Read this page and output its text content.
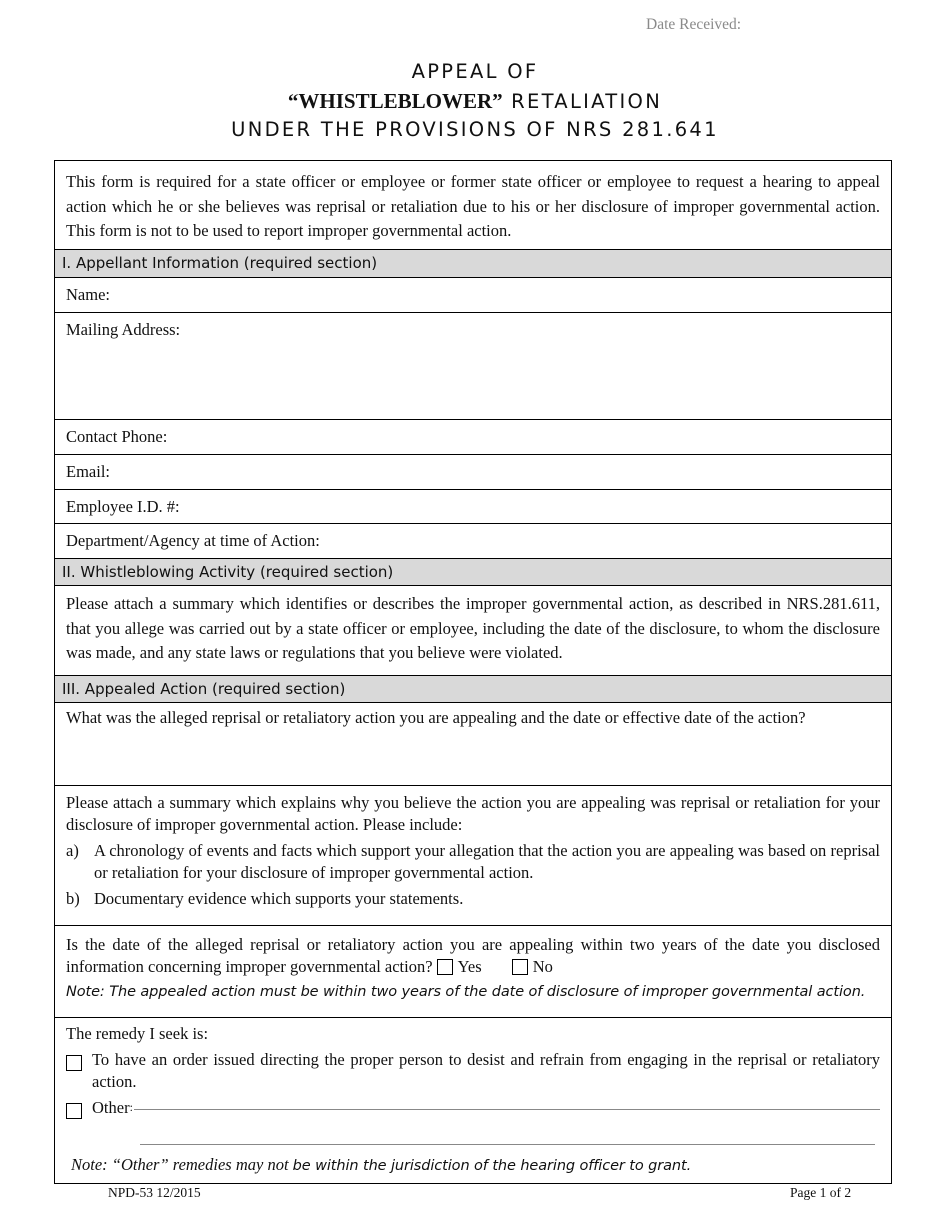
Date Received:
APPEAL OF
“WHISTLEBLOWER” RETALIATION
UNDER THE PROVISIONS OF NRS 281.641
This form is required for a state officer or employee or former state officer or employee to request a hearing to appeal action which he or she believes was reprisal or retaliation due to his or her disclosure of improper governmental action. This form is not to be used to report improper governmental action.
I. Appellant Information (required section)
Name:
Mailing Address:
Contact Phone:
Email:
Employee I.D. #:
Department/Agency at time of Action:
II. Whistleblowing Activity (required section)
Please attach a summary which identifies or describes the improper governmental action, as described in NRS.281.611, that you allege was carried out by a state officer or employee, including the date of the disclosure, to whom the disclosure was made, and any state laws or regulations that you believe were violated.
III. Appealed Action (required section)
What was the alleged reprisal or retaliatory action you are appealing and the date or effective date of the action?
Please attach a summary which explains why you believe the action you are appealing was reprisal or retaliation for your disclosure of improper governmental action. Please include:
a) A chronology of events and facts which support your allegation that the action you are appealing was based on reprisal or retaliation for your disclosure of improper governmental action.
b) Documentary evidence which supports your statements.
Is the date of the alleged reprisal or retaliatory action you are appealing within two years of the date you disclosed information concerning improper governmental action? Yes	No
Note: The appealed action must be within two years of the date of disclosure of improper governmental action.
The remedy I seek is:
To have an order issued directing the proper person to desist and refrain from engaging in the reprisal or retaliatory action.
Other :
Note: “Other” remedies may not be within the jurisdiction of the hearing officer to grant.
NPD-53 12/2015	Page 1 of 2
